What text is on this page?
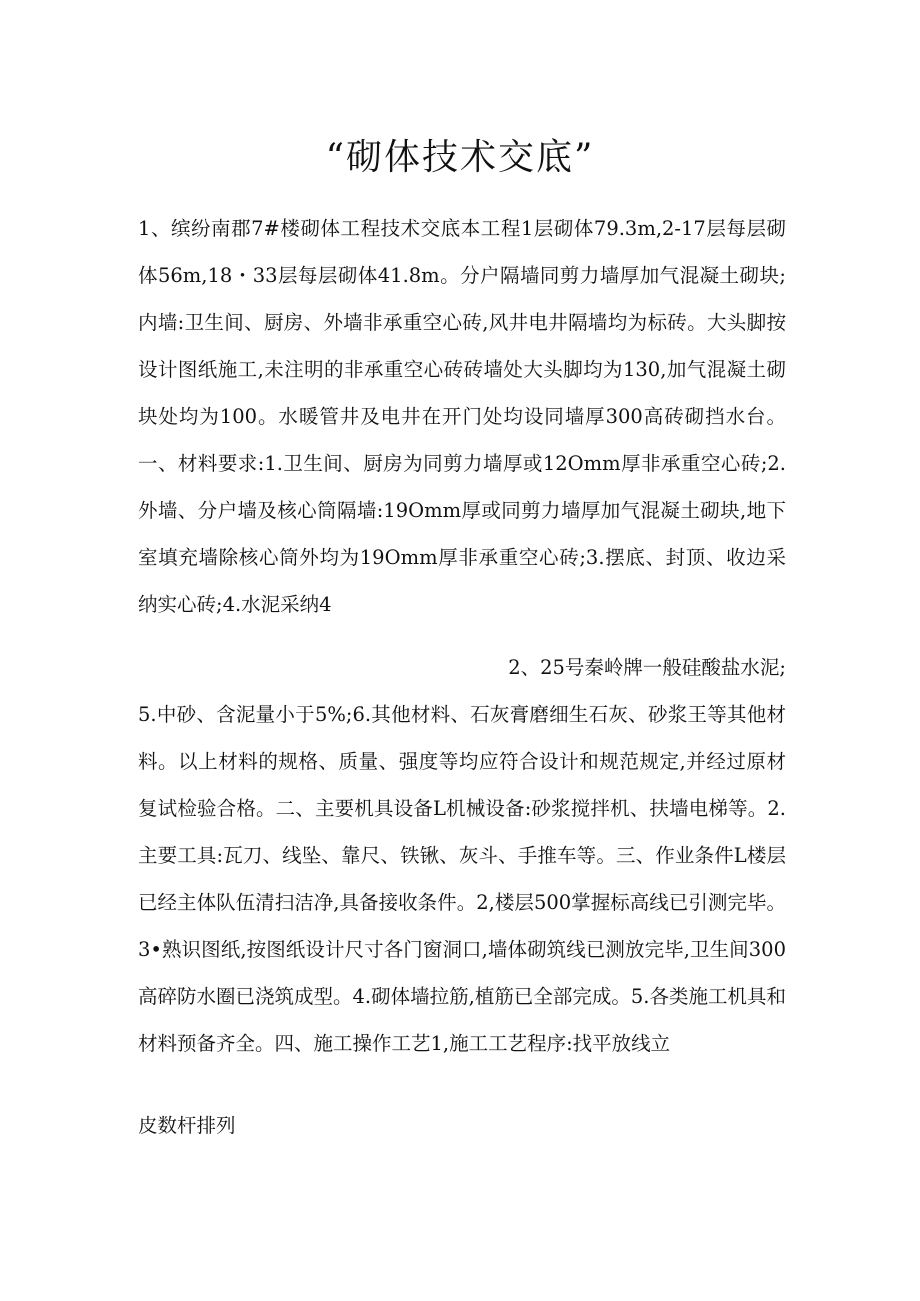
“砌体技术交底”

1、缤纷南郡7#楼砌体工程技术交底本工程1层砌体79.3m,2-17层每层砌体56m,18・33层每层砌体41.8m。分户隔墙同剪力墙厚加气混凝土砌块;内墙:卫生间、厨房、外墙非承重空心砖,风井电井隔墙均为标砖。大头脚按设计图纸施工,未注明的非承重空心砖砖墙处大头脚均为130,加气混凝土砌块处均为100。水暖管井及电井在开门处均设同墙厚300高砖砌挡水台。一、材料要求:1.卫生间、厨房为同剪力墙厚或12Omm厚非承重空心砖;2.外墙、分户墙及核心筒隔墙:19Omm厚或同剪力墙厚加气混凝土砌块,地下室填充墙除核心筒外均为19Omm厚非承重空心砖;3.摆底、封顶、收边采纳实心砖;4.水泥采纳4

2、25号秦岭牌一般硅酸盐水泥;

5.中砂、含泥量小于5%;6.其他材料、石灰膏磨细生石灰、砂浆王等其他材料。以上材料的规格、质量、强度等均应符合设计和规范规定,并经过原材复试检验合格。二、主要机具设备L机械设备:砂浆搅拌机、扶墙电梯等。2.主要工具:瓦刀、线坠、靠尺、铁锹、灰斗、手推车等。三、作业条件L楼层已经主体队伍清扫洁净,具备接收条件。2,楼层500掌握标高线已引测完毕。3•熟识图纸,按图纸设计尺寸各门窗洞口,墙体砌筑线已测放完毕,卫生间300高碎防水圈已浇筑成型。4.砌体墙拉筋,植筋已全部完成。5.各类施工机具和材料预备齐全。四、施工操作工艺1,施工工艺程序:找平放线立

皮数杆排列
